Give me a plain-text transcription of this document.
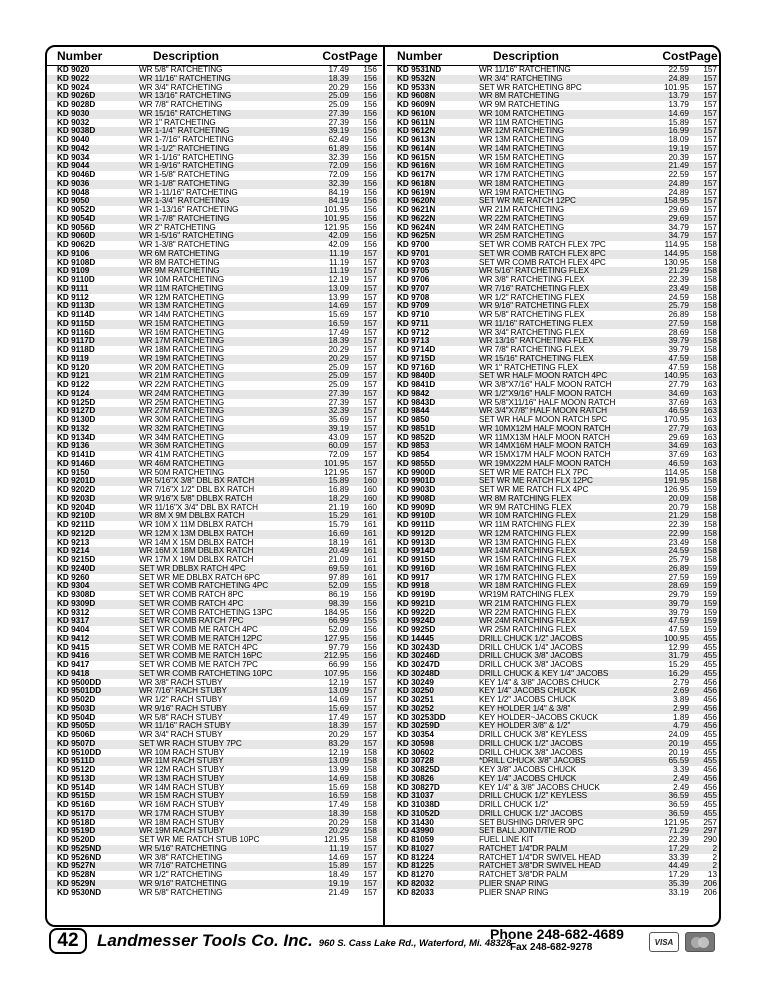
Number	Description	Cost Page
KD 9020	WR 5/8" RATCHETING	17.49	156
KD 9022	WR 11/16" RATCHETING	18.39	156
KD 9024	WR 3/4" RATCHETING	20.29	156
KD 9026D	WR 13/16" RATCHETING	25.09	156
KD 9028D	WR 7/8" RATCHETING	25.09	156
KD 9030	WR 15/16" RATCHETING	27.39	156
KD 9032	WR 1" RATCHETING	27.39	156
KD 9038D	WR 1-1/4" RATCHETING	39.19	156
KD 9040	WR 1-7/16" RATCHETING	62.49	156
KD 9042	WR 1-1/2" RATCHETING	61.89	156
KD 9034	WR 1-1/16" RATCHETING	32.39	156
KD 9044	WR 1-9/16" RATCHETING	72.09	156
KD 9046D	WR 1-5/8" RATCHETING	72.09	156
KD 9036	WR 1-1/8" RATCHETING	32.39	156
KD 9048	WR 1-11/16" RATCHETING	84.19	156
KD 9050	WR 1-3/4" RATCHETING	84.19	156
KD 9052D	WR 1-13/16" RATCHETING	101.95	156
KD 9054D	WR 1-7/8" RATCHETING	101.95	156
KD 9056D	WR 2" RATCHETING	121.95	156
KD 9060D	WR 1-5/16" RATCHETING	42.09	156
KD 9062D	WR 1-3/8" RATCHETING	42.09	156
KD 9106	WR 6M RATCHETING	11.19	157
KD 9108D	WR 8M RATCHETING	11.19	157
KD 9109	WR 9M RATCHETING	11.19	157
KD 9110D	WR 10M RATCHETING	12.19	157
KD 9111	WR 11M RATCHETING	13.09	157
KD 9112	WR 12M RATCHETING	13.99	157
KD 9113D	WR 13M RATCHETING	14.69	157
KD 9114D	WR 14M RATCHETING	15.69	157
KD 9115D	WR 15M RATCHETING	16.59	157
KD 9116D	WR 16M RATCHETING	17.49	157
KD 9117D	WR 17M RATCHETING	18.39	157
KD 9118D	WR 18M RATCHETING	20.29	157
KD 9119	WR 19M RATCHETING	20.29	157
KD 9120	WR 20M RATCHETING	25.09	157
KD 9121	WR 21M RATCHETING	25.09	157
KD 9122	WR 22M RATCHETING	25.09	157
KD 9124	WR 24M RATCHETING	27.39	157
KD 9125D	WR 25M RATCHETING	27.39	157
KD 9127D	WR 27M RATCHETING	32.39	157
KD 9130D	WR 30M RATCHETING	35.69	157
KD 9132	WR 32M RATCHETING	39.19	157
KD 9134D	WR 34M RATCHETING	43.09	157
KD 9136	WR 36M RATCHETING	60.09	157
KD 9141D	WR 41M RATCHETING	72.09	157
KD 9146D	WR 46M RATCHETING	101.95	157
KD 9150	WR 50M RATCHETING	121.95	157
KD 9201D	WR 5/16"X 3/8" DBL BX RATCH	15.89	160
KD 9202D	WR 7/16"X 1/2" DBL BX RATCH	16.89	160
KD 9203D	WR 9/16"X 5/8" DBLBX RATCH	18.29	160
KD 9204D	WR 11/16"X 3/4" DBL BX RATCH	21.19	160
KD 9210D	WR 8M X 9M DBLBX RATCH	15.29	161
KD 9211D	WR 10M X 11M DBLBX RATCH	15.79	161
KD 9212D	WR 12M X 13M DBLBX RATCH	16.69	161
KD 9213	WR 14M X 15M DBLBX RATCH	18.19	161
KD 9214	WR 16M X 18M DBLBX RATCH	20.49	161
KD 9215D	WR 17M X 19M DBLBX RATCH	21.09	161
KD 9240D	SET WR DBLBX RATCH 4PC	69.59	161
KD 9260	SET WR ME DBLBX RATCH 6PC	97.89	161
KD 9304	SET WR COMB RATCHETING 4PC	52.09	155
KD 9308D	SET WR COMB RATCH 8PC	86.19	156
KD 9309D	SET WR COMB RATCH 4PC	98.39	156
KD 9312	SET WR COMB RATCHETING 13PC	184.95	156
KD 9317	SET WR COMB RATCH 7PC	66.99	155
KD 9404	SET WR COMB ME RATCH 4PC	52.09	156
KD 9412	SET WR COMB ME RATCH 12PC	127.95	156
KD 9415	SET WR COMB ME RATCH 4PC	97.79	156
KD 9416	SET WR COMB ME RATCH 16PC	212.95	156
KD 9417	SET WR COMB ME RATCH 7PC	66.99	156
KD 9418	SET WR COMB RATCHETING 10PC	107.95	156
KD 9500DD	WR 3/8" RACH STUBY	12.19	157
KD 9501DD	WR 7/16" RACH STUBY	13.09	157
KD 9502D	WR 1/2" RACH STUBY	14.69	157
KD 9503D	WR 9/16" RACH STUBY	15.69	157
KD 9504D	WR 5/8" RACH STUBY	17.49	157
KD 9505D	WR 11/16" RACH STUBY	18.39	157
KD 9506D	WR 3/4" RACH STUBY	20.29	157
KD 9507D	SET WR RACH STUBY 7PC	83.29	157
KD 9510DD	WR 10M RACH STUBY	12.19	158
KD 9511D	WR 11M RACH STUBY	13.09	158
KD 9512D	WR 12M RACH STUBY	13.99	158
KD 9513D	WR 13M RACH STUBY	14.69	158
KD 9514D	WR 14M RACH STUBY	15.69	158
KD 9515D	WR 15M RACH STUBY	16.59	158
KD 9516D	WR 16M RACH STUBY	17.49	158
KD 9517D	WR 17M RACH STUBY	18.39	158
KD 9518D	WR 18M RACH STUBY	20.29	158
KD 9519D	WR 19M RACH STUBY	20.29	158
KD 9520D	SET WR ME RATCH STUB 10PC	121.95	158
KD 9525ND	WR 5/16" RATCHETING	11.19	157
KD 9526ND	WR 3/8" RATCHETING	14.69	157
KD 9527N	WR 7/16" RATCHETING	15.89	157
KD 9528N	WR 1/2" RATCHETING	18.49	157
KD 9529N	WR 9/16" RATCHETING	19.19	157
KD 9530ND	WR 5/8" RATCHETING	21.49	157
Number	Description	Cost Page
KD 9531ND	WR 11/16" RATCHETING	22.59	157
KD 9532N	WR 3/4" RATCHETING	24.89	157
KD 9533N	SET WR RATCHETING 8PC	101.95	157
KD 9608N	WR 8M RATCHETING	13.79	157
KD 9609N	WR 9M RATCHETING	13.79	157
KD 9610N	WR 10M RATCHETING	14.69	157
KD 9611N	WR 11M RATCHETING	15.89	157
KD 9612N	WR 12M RATCHETING	16.99	157
KD 9613N	WR 13M RATCHETING	18.09	157
KD 9614N	WR 14M RATCHETING	19.19	157
KD 9615N	WR 15M RATCHETING	20.39	157
KD 9616N	WR 16M RATCHETING	21.49	157
KD 9617N	WR 17M RATCHETING	22.59	157
KD 9618N	WR 18M RATCHETING	24.89	157
KD 9619N	WR 19M RATCHETING	24.89	157
KD 9620N	SET WR ME RATCH 12PC	158.95	157
KD 9621N	WR 21M RATCHETING	29.69	157
KD 9622N	WR 22M RATCHETING	29.69	157
KD 9624N	WR 24M RATCHETING	34.79	157
KD 9625N	WR 25M RATCHETING	34.79	157
KD 9700	SET WR COMB RATCH FLEX 7PC	114.95	158
KD 9701	SET WR COMB RATCH FLEX 8PC	144.95	158
KD 9703	SET WR COMB RATCH FLEX 4PC	130.95	158
KD 9705	WR 5/16" RATCHETING FLEX	21.29	158
KD 9706	WR 3/8" RATCHETING FLEX	22.39	158
KD 9707	WR 7/16" RATCHETING FLEX	23.49	158
KD 9708	WR 1/2" RATCHETING FLEX	24.59	158
KD 9709	WR 9/16" RATCHETING FLEX	25.79	158
KD 9710	WR 5/8" RATCHETING FLEX	26.89	158
KD 9711	WR 11/16" RATCHETING FLEX	27.59	158
KD 9712	WR 3/4" RATCHETING FLEX	28.69	158
KD 9713	WR 13/16" RATCHETING FLEX	39.79	158
KD 9714D	WR 7/8" RATCHETING FLEX	39.79	158
KD 9715D	WR 15/16" RATCHETING FLEX	47.59	158
KD 9716D	WR 1" RATCHETING FLEX	47.59	158
KD 9840D	SET WR HALF MOON RATCH 4PC	140.95	163
KD 9841D	WR 3/8"X7/16" HALF MOON RATCH	27.79	163
KD 9842	WR 1/2"X9/16" HALF MOON RATCH	34.69	163
KD 9843D	WR 5/8"X11/16" HALF MOON RATCH	37.69	163
KD 9844	WR 3/4"X7/8" HALF MOON RATCH	46.59	163
KD 9850	SET WR HALF MOON RATCH 5PC	170.95	163
KD 9851D	WR 10MX12M HALF MOON RATCH	27.79	163
KD 9852D	WR 11MX13M HALF MOON RATCH	29.69	163
KD 9853	WR 14MX16M HALF MOON RATCH	34.69	163
KD 9854	WR 15MX17M HALF MOON RATCH	37.69	163
KD 9855D	WR 19MX22M HALF MOON RATCH	46.59	163
KD 9900D	SET WR ME RATCH FLX 7PC	114.95	158
KD 9901D	SET WR ME RATCH FLX 12PC	191.95	158
KD 9903D	SET WR ME RATCH FLX 4PC	126.95	159
KD 9908D	WR 8M RATCHING FLEX	20.09	158
KD 9909D	WR 9M RATCHING FLEX	20.79	158
KD 9910D	WR 10M RATCHING FLEX	21.29	158
KD 9911D	WR 11M RATCHING FLEX	22.39	158
KD 9912D	WR 12M RATCHING FLEX	22.99	158
KD 9913D	WR 13M RATCHING FLEX	23.49	158
KD 9914D	WR 14M RATCHING FLEX	24.59	158
KD 9915D	WR 15M RATCHING FLEX	25.79	158
KD 9916D	WR 16M RATCHING FLEX	26.89	159
KD 9917	WR 17M RATCHING FLEX	27.59	159
KD 9918	WR 18M RATCHING FLEX	28.69	159
KD 9919D	WR19M RATCHING FLEX	29.79	159
KD 9921D	WR 21M RATCHING FLEX	39.79	159
KD 9922D	WR 22M RATCHING FLEX	39.79	159
KD 9924D	WR 24M RATCHING FLEX	47.59	159
KD 9925D	WR 25M RATCHING FLEX	47.59	159
KD 14445	DRILL CHUCK 1/2" JACOBS	100.95	455
KD 30243D	DRILL CHUCK 1/4" JACOBS	12.99	455
KD 30246D	DRILL CHUCK 3/8" JACOBS	31.79	455
KD 30247D	DRILL CHUCK 3/8" JACOBS	15.29	455
KD 30248D	DRILL CHUCK & KEY 1/4" JACOBS	16.29	455
KD 30249	KEY 1/4" & 3/8" JACOBS CHUCK	2.79	456
KD 30250	KEY 1/4" JACOBS CHUCK	2.69	456
KD 30251	KEY 1/2" JACOBS CHUCK	3.89	456
KD 30252	KEY HOLDER 1/4" & 3/8"	2.99	456
KD 30253DD	KEY HOLDER~JACOBS CKUCK	1.89	456
KD 30259D	KEY HOLDER 3/8" & 1/2"	4.79	456
KD 30354	DRILL CHUCK 3/8" KEYLESS	24.09	455
KD 30598	DRILL CHUCK 1/2" JACOBS	20.19	455
KD 30602	DRILL CHUCK 3/8" JACOBS	20.19	455
KD 30728	*DRILL CHUCK 3/8" JACOBS	65.59	455
KD 30825D	KEY 3/8" JACOBS CHUCK	3.39	456
KD 30826	KEY 1/4" JACOBS CHUCK	2.49	456
KD 30827D	KEY 1/4" & 3/8" JACOBS CHUCK	2.49	456
KD 31037	DRILL CHUCK 1/2" KEYLESS	36.59	455
KD 31038D	DRILL CHUCK 1/2"	36.59	455
KD 31052D	DRILL CHUCK 1/2" JACOBS	36.59	455
KD 31430	SET BUSHING DRIVER 9PC	121.95	257
KD 43990	SET BALL JOINT/TIE ROD	71.29	297
KD 81059	FUEL LINE KIT	22.39	290
KD 81027	RATCHET 1/4"DR PALM	17.29	2
KD 81224	RATCHET 1/4"DR SWIVEL HEAD	33.39	2
KD 81225	RATCHET 3/8"DR SWIVEL HEAD	44.49	2
KD 81270	RATCHET 3/8"DR PALM	17.29	13
KD 82032	PLIER SNAP RING	35.39	206
KD 82033	PLIER SNAP RING	33.19	206
42	Landmesser Tools Co. Inc. 960 S. Cass Lake Rd., Waterford, Mi. 48328
Phone 248-682-4689
Fax 248-682-9278	VISA
